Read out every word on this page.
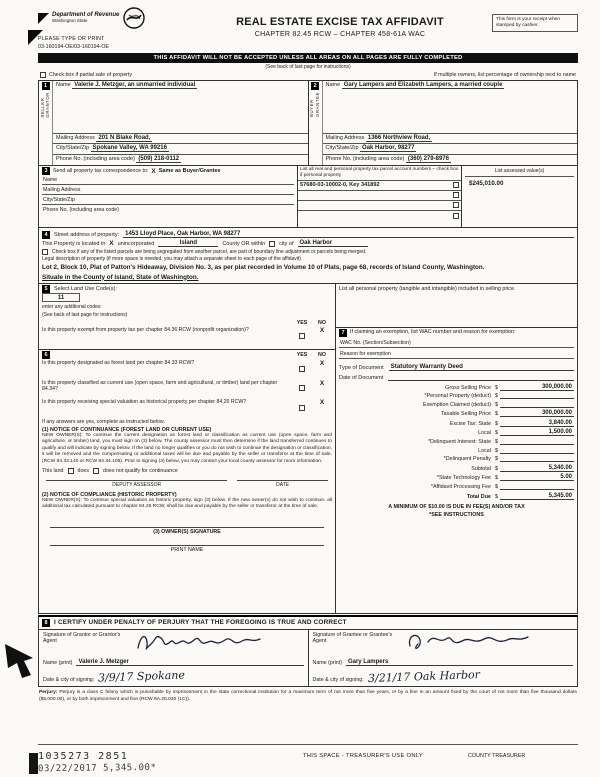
Department of Revenue
Washington State
PLEASE TYPE OR PRINT
03-160194-OE/03-160194-OE
REAL ESTATE EXCISE TAX AFFIDAVIT
CHAPTER 82.45 RCW – CHAPTER 458-61A WAC
This form is your receipt when stamped by cashier.
THIS AFFIDAVIT WILL NOT BE ACCEPTED UNLESS ALL AREAS ON ALL PAGES ARE FULLY COMPLETED
(See back of last page for instructions)
Check box if partial sale of property	If multiple owners, list percentage of ownership next to name
1
SELLER GRANTOR
Name Valerie J. Metzger, an unmarried individual
Mailing Address 201 N Blake Road,
City/State/Zip Spokane Valley, WA 99216
Phone No. (including area code) (509) 218-0112
2
BUYER GRANTEE
Name Gary Lampers and Elizabeth Lampers, a married couple
Mailing Address 1366 Northview Road,
City/State/Zip Oak Harbor, 98277
Phone No. (including area code) (360) 279-8976
3	Send all property tax correspondence to: X Same as Buyer/Grantee
Name
Mailing Address
City/State/Zip
Phone No. (including area code)
List all real and personal property tax parcel account numbers – check box if personal property
57680-03-10002-0, Key 341892
List assessed value(s)
$245,010.00
4	Street address of property:	1453 Lloyd Place, Oak Harbor, WA 98277
This Property is located in X unincorporated	Island	County OR within	city of	Oak Harbor
Check box if any of the listed parcels are being segregated from another parcel, are part of boundary line adjustment or parcels being merged.
Legal description of property (if more space is needed, you may attach a separate sheet to each page of the affidavit)
Lot 2, Block 10, Plat of Patton's Hideaway, Division No. 3, as per plat recorded in Volume 10 of Plats, page 68, records of Island County, Washington.
Situate in the County of Island, State of Washington.
5	Select Land Use Code(s):
11
enter any additional codes:
(See back of last page for instructions)
YES	NO
Is this property exempt from property tax per chapter 84.36 RCW (nonprofit organization)?	X
6	YES	NO
Is this property designated as forest land per chapter 84.33 RCW?	X
Is this property classified as current use (open space, farm and agricultural, or timber) land per chapter 84.34?
X
Is this property receiving special valuation as historical property per chapter 84.26 RCW?	X
If any answers are yes, complete as instructed below.
(1) NOTICE OF CONTINUANCE (FOREST LAND OR CURRENT USE)
NEW OWNER(S): To continue the current designation as forest land or classification as current use (open space, farm and agriculture, or timber) land, you must sign on (3) below. The county assessor must then determine if the land transferred continues to qualify and will indicate by signing below. If the land no longer qualifies or you do not wish to continue the designation or classification, it will be removed and the compensating or additional taxes will be due and payable by the seller or transferor at the time of sale. (RCW 84.33.140 or RCW 84.34.108). Prior to signing (3) below, you may contact your local county assessor for more information.
This land	does	does not qualify for continuance
DEPUTY ASSESSOR	DATE
(2) NOTICE OF COMPLIANCE (HISTORIC PROPERTY)
NEW OWNER(S): To continue special valuation as historic property, sign (3) below. If the new owner(s) do not wish to continue, all additional tax calculated pursuant to chapter 84.26 RCW, shall be due and payable by the seller or transferor at the time of sale.
(3) OWNER(S) SIGNATURE
PRINT NAME
List all personal property (tangible and intangible) included in selling price.
7	If claiming an exemption, list WAC number and reason for exemption:
WAC No. (Section/Subsection)
Reason for exemption
Type of Document	Statutory Warranty Deed
Date of Document
Gross Selling Price $	300,000.00
*Personal Property (deduct) $
Exemption Claimed (deduct) $
Taxable Selling Price $	300,000.00
Excise Tax: State $	3,840.00
Local $	1,500.00
*Delinquent Interest: State $
Local $
*Delinquent Penalty $
Subtotal $	5,340.00
*State Technology Fee $	5.00
*Affidavit Processing Fee $
Total Due $	5,345.00
A MINIMUM OF $10.00 IS DUE IN FEE(S) AND/OR TAX
*SEE INSTRUCTIONS
8	I CERTIFY UNDER PENALTY OF PERJURY THAT THE FOREGOING IS TRUE AND CORRECT
Signature of Grantor or Grantor's Agent
Name (print)	Valerie J. Metzger
Date & city of signing: 3/9/17 Spokane
Signature of Grantee or Grantee's Agent
Name (print)	Gary Lampers
Date & city of signing: 3/21/17 Oak Harbor
Perjury: Perjury is a class C felony which is punishable by imprisonment in the state correctional institution for a maximum term of not more than five years, or by a fine in an amount fixed by the court of not more than five thousand dollars ($5,000.00), or by both imprisonment and fine (RCW 9A.20.020 (1C)).
1035273 2851
03/22/2017 5,345.00*
THIS SPACE - TREASURER'S USE ONLY	COUNTY TREASURER
